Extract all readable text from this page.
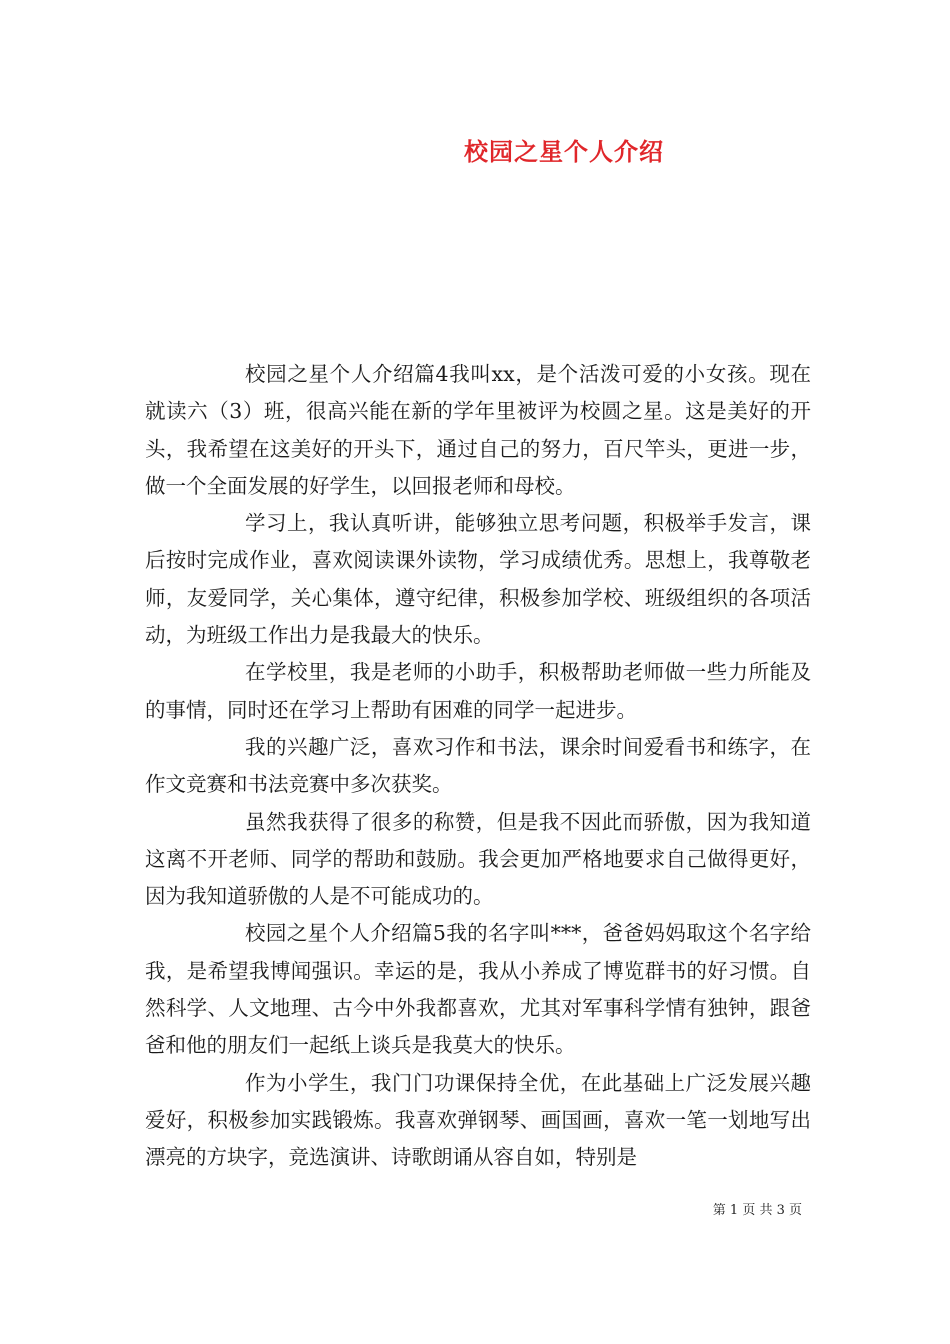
校园之星个人介绍

校园之星个人介绍篇4我叫xx，是个活泼可爱的小女孩。现在就读六（3）班，很高兴能在新的学年里被评为校圆之星。这是美好的开头，我希望在这美好的开头下，通过自己的努力，百尺竿头，更进一步，做一个全面发展的好学生，以回报老师和母校。

学习上，我认真听讲，能够独立思考问题，积极举手发言，课后按时完成作业，喜欢阅读课外读物，学习成绩优秀。思想上，我尊敬老师，友爱同学，关心集体，遵守纪律，积极参加学校、班级组织的各项活动，为班级工作出力是我最大的快乐。

在学校里，我是老师的小助手，积极帮助老师做一些力所能及的事情，同时还在学习上帮助有困难的同学一起进步。

我的兴趣广泛，喜欢习作和书法，课余时间爱看书和练字，在作文竞赛和书法竞赛中多次获奖。

虽然我获得了很多的称赞，但是我不因此而骄傲，因为我知道这离不开老师、同学的帮助和鼓励。我会更加严格地要求自己做得更好，因为我知道骄傲的人是不可能成功的。

校园之星个人介绍篇5我的名字叫***，爸爸妈妈取这个名字给我，是希望我博闻强识。幸运的是，我从小养成了博览群书的好习惯。自然科学、人文地理、古今中外我都喜欢，尤其对军事科学情有独钟，跟爸爸和他的朋友们一起纸上谈兵是我莫大的快乐。

作为小学生，我门门功课保持全优，在此基础上广泛发展兴趣爱好，积极参加实践锻炼。我喜欢弹钢琴、画国画，喜欢一笔一划地写出漂亮的方块字，竞选演讲、诗歌朗诵从容自如，特别是

第 1 页 共 3 页
